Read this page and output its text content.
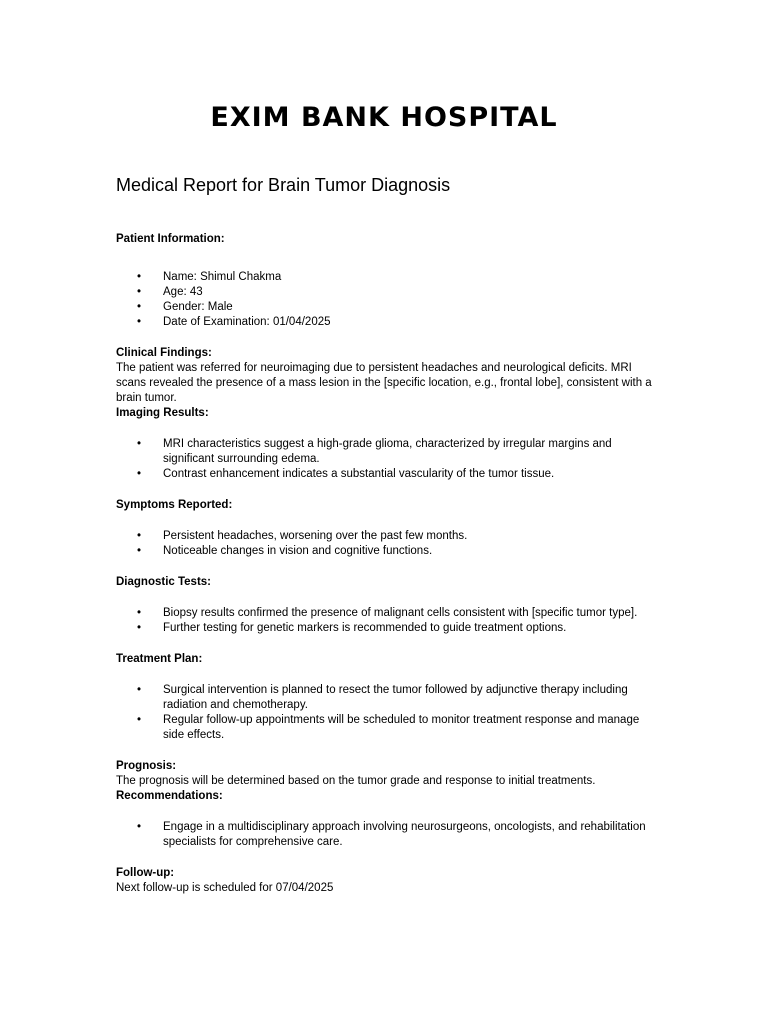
EXIM BANK HOSPITAL
Medical Report for Brain Tumor Diagnosis

Patient Information:

• Name: Shimul Chakma
• Age: 43
• Gender: Male
• Date of Examination: 01/04/2025

Clinical Findings:

The patient was referred for neuroimaging due to persistent headaches and neurological deficits. MRI scans revealed the presence of a mass lesion in the [specific location, e.g., frontal lobe], consistent with a brain tumor.

Imaging Results:

• MRI characteristics suggest a high-grade glioma, characterized by irregular margins and significant surrounding edema.
• Contrast enhancement indicates a substantial vascularity of the tumor tissue.

Symptoms Reported:

• Persistent headaches, worsening over the past few months.
• Noticeable changes in vision and cognitive functions.

Diagnostic Tests:

• Biopsy results confirmed the presence of malignant cells consistent with [specific tumor type].
• Further testing for genetic markers is recommended to guide treatment options.

Treatment Plan:

• Surgical intervention is planned to resect the tumor followed by adjunctive therapy including radiation and chemotherapy.
• Regular follow-up appointments will be scheduled to monitor treatment response and manage side effects.

Prognosis:

The prognosis will be determined based on the tumor grade and response to initial treatments.

Recommendations:

• Engage in a multidisciplinary approach involving neurosurgeons, oncologists, and rehabilitation specialists for comprehensive care.

Follow-up:

Next follow-up is scheduled for 07/04/2025
